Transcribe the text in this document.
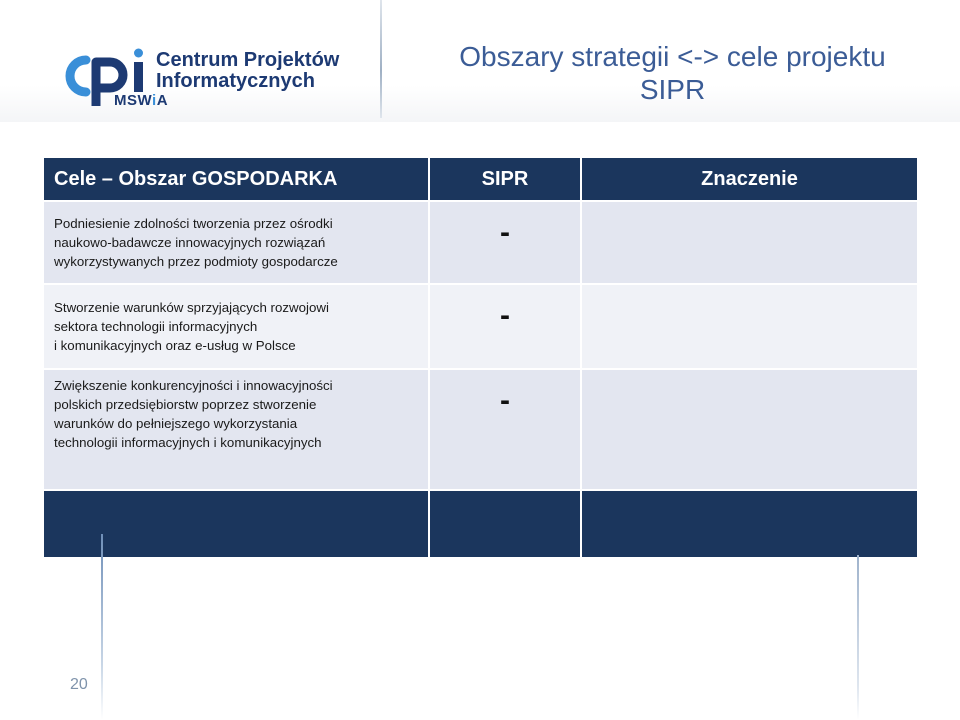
Centrum Projektów
Informatycznych
MSWiA
Obszary strategii <-> cele projektu
SIPR
Cele – Obszar GOSPODARKA	SIPR	Znaczenie

Podniesienie zdolności tworzenia przez ośrodki
naukowo-badawcze innowacyjnych rozwiązań
wykorzystywanych przez podmioty gospodarcze	-	

Stworzenie warunków sprzyjających rozwojowi
sektora technologii informacyjnych
i komunikacyjnych oraz e-usług w Polsce	-	

Zwiększenie konkurencyjności i innowacyjności
polskich przedsiębiorstw poprzez stworzenie
warunków do pełniejszego wykorzystania
technologii informacyjnych i komunikacyjnych	-	

20
